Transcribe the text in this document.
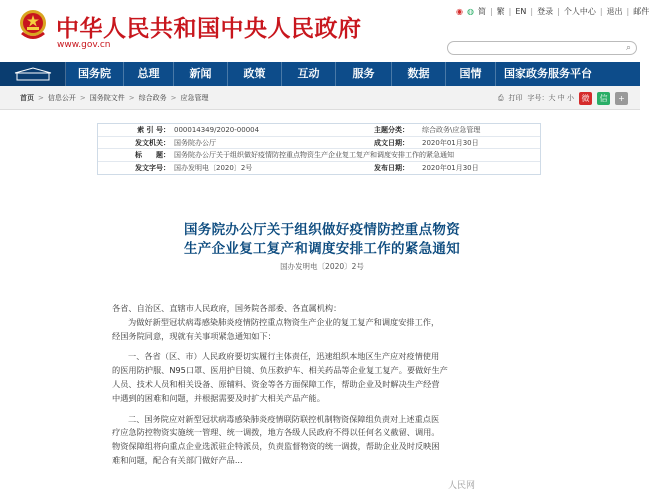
中华人民共和国中央人民政府
www.gov.cn
◉ ◍ 简 | 繁 | EN | 登录 | 个人中心 | 退出 | 邮件
⌕
国务院	总理	新闻	政策	互动	服务	数据	国情	国家政务服务平台
首页 > 信息公开 > 国务院文件 > 综合政务 > 应急管理	⎙ 打印 字号：大 中 小 微	信	+
索 引 号： 000014349/2020-00004	主题分类：	综合政务\应急管理
发文机关： 国务院办公厅	成文日期：	2020年01月30日
标　　题： 国务院办公厅关于组织做好疫情防控重点物资生产企业复工复产和调度安排工作的紧急通知
发文字号： 国办发明电〔2020〕2号	发布日期：	2020年01月30日
国务院办公厅关于组织做好疫情防控重点物资
生产企业复工复产和调度安排工作的紧急通知
国办发明电〔2020〕2号

各省、自治区、直辖市人民政府，国务院各部委、各直属机构：

为做好新型冠状病毒感染肺炎疫情防控重点物资生产企业的复工复产和调度安排工作，

经国务院同意，现就有关事项紧急通知如下：

一、各省（区、市）人民政府要切实履行主体责任，迅速组织本地区生产应对疫情使用

的医用防护服、N95口罩、医用护目镜、负压救护车、相关药品等企业复工复产。要做好生产

人员、技术人员和相关设备、原辅料、资金等各方面保障工作，帮助企业及时解决生产经营

中遇到的困难和问题，并根据需要及时扩大相关产品产能。

二、国务院应对新型冠状病毒感染肺炎疫情联防联控机制物资保障组负责对上述重点医

疗应急防控物资实施统一管理、统一调拨，地方各级人民政府不得以任何名义截留、调用。

物资保障组将向重点企业选派驻企特派员，负责监督物资的统一调拨，帮助企业及时反映困

难和问题，配合有关部门做好产品...

人民网
